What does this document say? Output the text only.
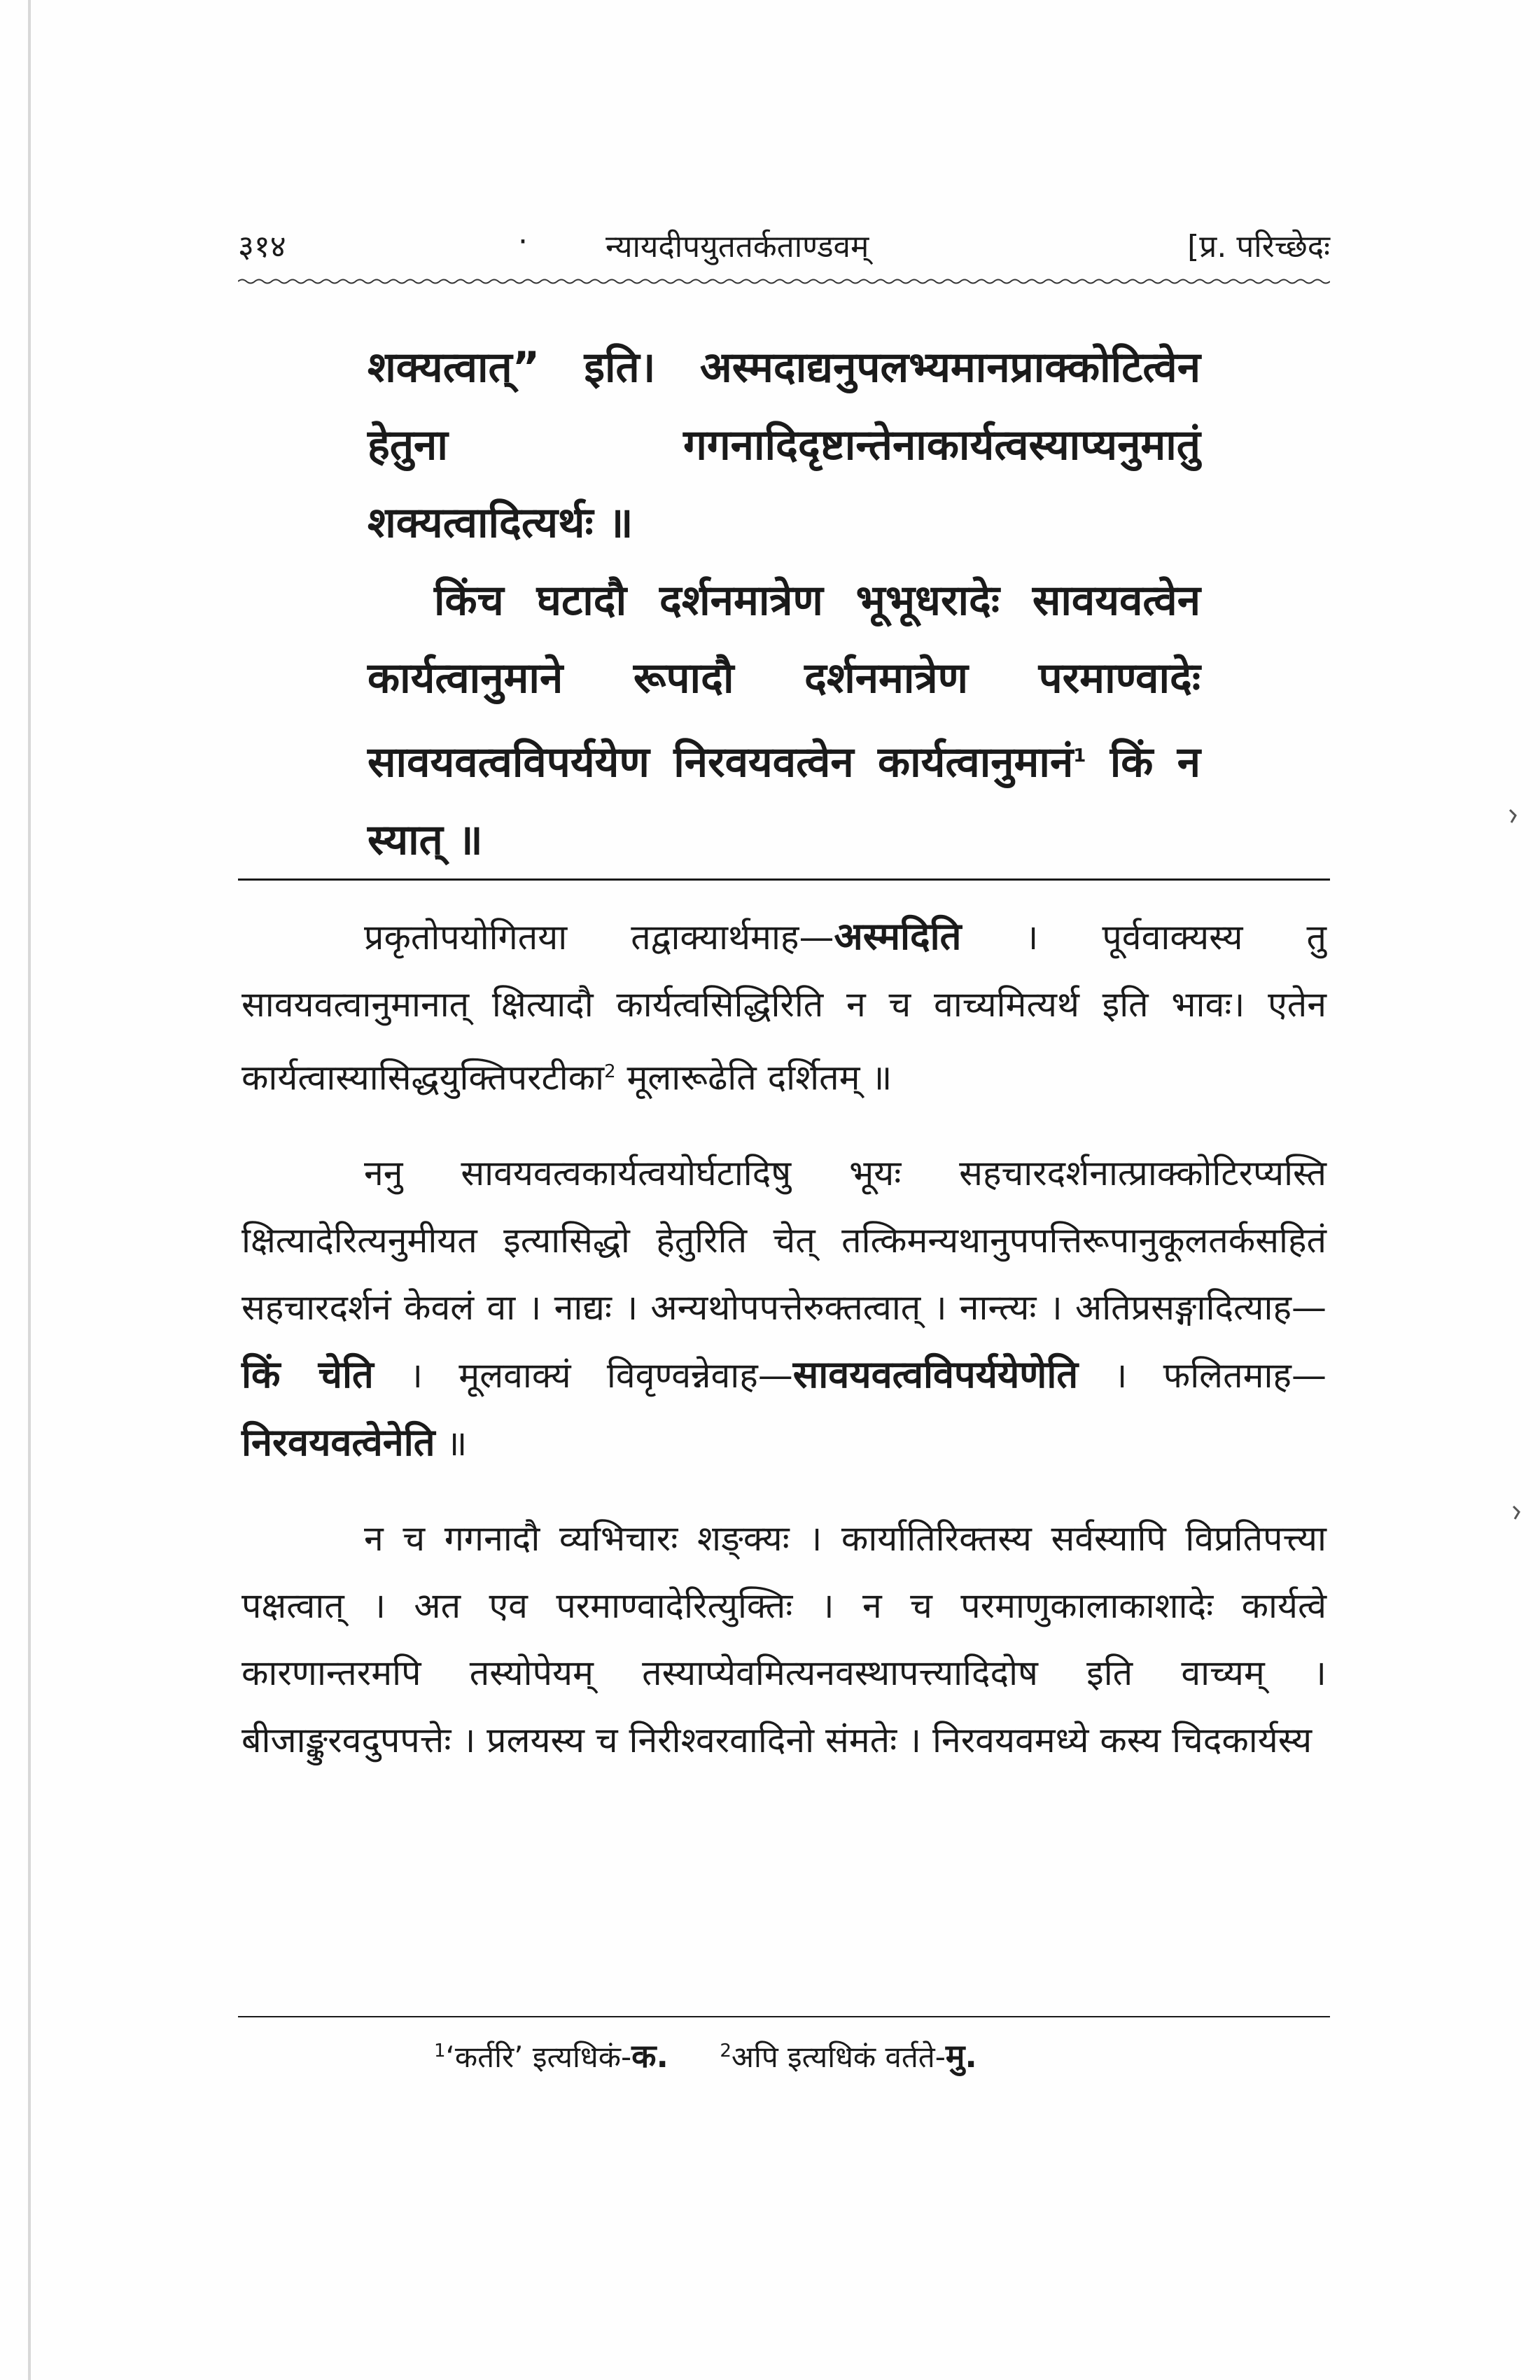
३१४	·	न्यायदीपयुततर्कताण्डवम्	[प्र. परिच्छेदः

शक्यत्वात्” इति। अस्मदाद्यनुपलभ्यमानप्राक्कोटित्वेन हेतुना गगनादिदृष्टान्तेनाकार्यत्वस्याप्यनुमातुं शक्यत्वादित्यर्थः ॥

किंच घटादौ दर्शनमात्रेण भूभूधरादेः सावयवत्वेन कार्यत्वानुमाने रूपादौ दर्शनमात्रेण परमाण्वादेः सावयवत्वविपर्ययेण निरवयवत्वेन कार्यत्वानुमानं$^1$ किं न स्यात् ॥

प्रकृतोपयोगितया तद्वाक्यार्थमाह—अस्मदिति । पूर्ववाक्यस्य तु सावयवत्वानुमानात् क्षित्यादौ कार्यत्वसिद्धिरिति न च वाच्यमित्यर्थ इति भावः। एतेन कार्यत्वास्यासिद्धयुक्तिपरटीका$^2$ मूलारूढेति दर्शितम् ॥

ननु सावयवत्वकार्यत्वयोर्घटादिषु भूयः सहचारदर्शनात्प्राक्कोटिरप्यस्ति क्षित्यादेरित्यनुमीयत इत्यासिद्धो हेतुरिति चेत् तत्किमन्यथानुपपत्तिरूपानुकूलतर्कसहितं सहचारदर्शनं केवलं वा । नाद्यः । अन्यथोपपत्तेरुक्तत्वात् । नान्त्यः । अतिप्रसङ्गादित्याह—किं चेति । मूलवाक्यं विवृण्वन्नेवाह—सावयवत्वविपर्ययेणेति । फलितमाह—निरवयवत्वेनेति ॥

न च गगनादौ व्यभिचारः शङ्क्यः । कार्यातिरिक्तस्य सर्वस्यापि विप्रतिपत्त्या पक्षत्वात् । अत एव परमाण्वादेरित्युक्तिः । न च परमाणुकालाकाशादेः कार्यत्वे कारणान्तरमपि तस्योपेयम् तस्याप्येवमित्यनवस्थापत्त्यादिदोष इति वाच्यम् । बीजाङ्कुरवदुपपत्तेः । प्रलयस्य च निरीश्वरवादिनो संमतेः । निरवयवमध्ये कस्य चिदकार्यस्य

$^1$‘कर्तरि’ इत्यधिकं-क.	$^2$अपि इत्यधिकं वर्तते-मु.
